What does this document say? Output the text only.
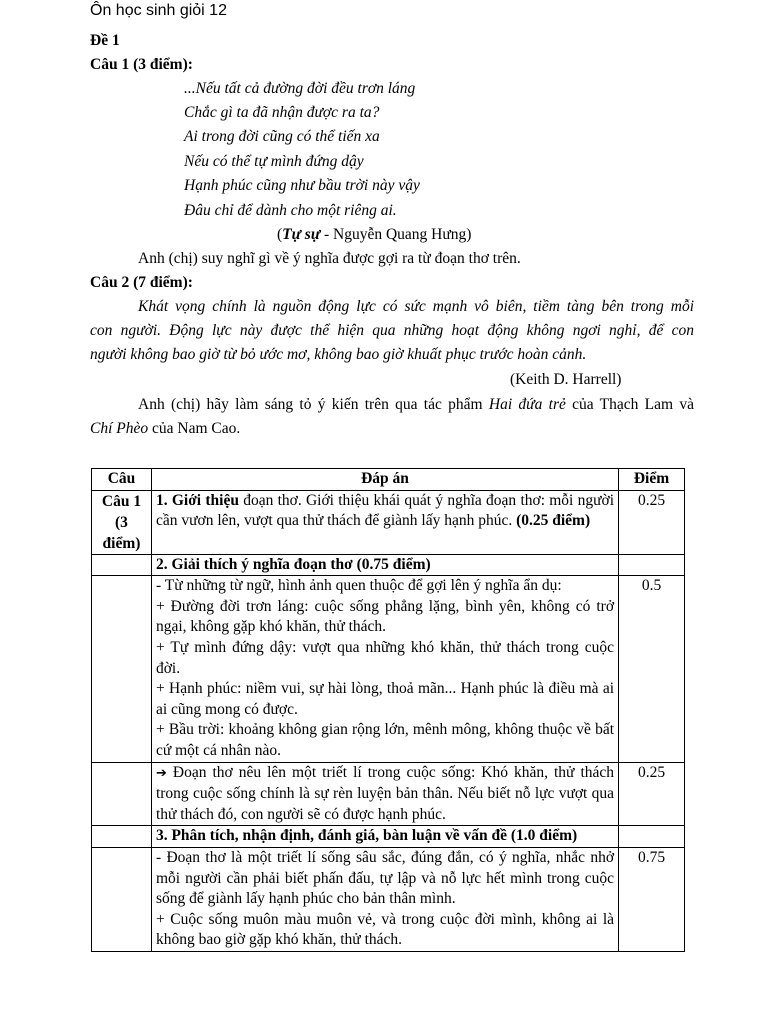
Ôn học sinh giỏi 12
Đề 1
Câu 1 (3 điểm):
...Nếu tất cả đường đời đều trơn láng
Chắc gì ta đã nhận được ra ta?
Ai trong đời cũng có thể tiến xa
Nếu có thể tự mình đứng dậy
Hạnh phúc cũng như bầu trời này vậy
Đâu chỉ để dành cho một riêng ai.
(Tự sự - Nguyễn Quang Hưng)
Anh (chị) suy nghĩ gì về ý nghĩa được gợi ra từ đoạn thơ trên.
Câu 2 (7 điểm):
Khát vọng chính là nguồn động lực có sức mạnh vô biên, tiềm tàng bên trong mỗi
con người. Động lực này được thể hiện qua những hoạt động không ngơi nghỉ, để con
người không bao giờ từ bỏ ước mơ, không bao giờ khuất phục trước hoàn cảnh.
(Keith D. Harrell)
Anh (chị) hãy làm sáng tỏ ý kiến trên qua tác phẩm Hai đứa trẻ của Thạch Lam và
Chí Phèo của Nam Cao.
Câu	Đáp án	Điểm
Câu 1 (3 điểm)	1. Giới thiệu đoạn thơ. Giới thiệu khái quát ý nghĩa đoạn thơ: mỗi người cần vươn lên, vượt qua thử thách để giành lấy hạnh phúc. (0.25 điểm)	0.25
	2. Giải thích ý nghĩa đoạn thơ (0.75 điểm)	

	- Từ những từ ngữ, hình ảnh quen thuộc để gợi lên ý nghĩa ẩn dụ:
+ Đường đời trơn láng: cuộc sống phẳng lặng, bình yên, không có trở ngại, không gặp khó khăn, thử thách.
+ Tự mình đứng dậy: vượt qua những khó khăn, thử thách trong cuộc đời.
+ Hạnh phúc: niềm vui, sự hài lòng, thoả mãn... Hạnh phúc là điều mà ai ai cũng mong có được.
+ Bầu trời: khoảng không gian rộng lớn, mênh mông, không thuộc về bất cứ một cá nhân nào.	0.5

	➔ Đoạn thơ nêu lên một triết lí trong cuộc sống: Khó khăn, thử thách trong cuộc sống chính là sự rèn luyện bản thân. Nếu biết nỗ lực vượt qua thử thách đó, con người sẽ có được hạnh phúc.	0.25
	3. Phân tích, nhận định, đánh giá, bàn luận về vấn đề (1.0 điểm)	

	- Đoạn thơ là một triết lí sống sâu sắc, đúng đắn, có ý nghĩa, nhắc nhở mỗi người cần phải biết phấn đấu, tự lập và nỗ lực hết mình trong cuộc sống để giành lấy hạnh phúc cho bản thân mình.
+ Cuộc sống muôn màu muôn vẻ, và trong cuộc đời mình, không ai là không bao giờ gặp khó khăn, thử thách.	0.75
